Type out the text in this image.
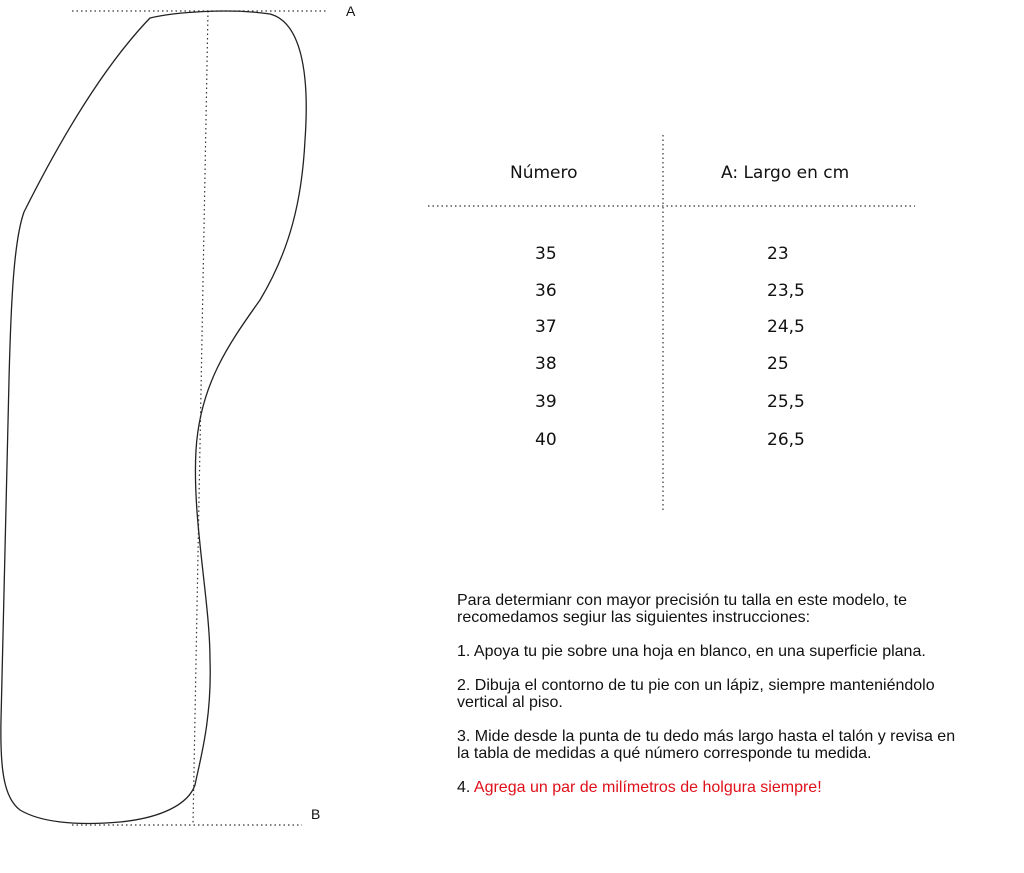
A
B
Número	A: Largo en cm
35	23
36	23,5
37	24,5
38	25
39	25,5
40	26,5

Para determianr con mayor precisión tu talla en este modelo, te recomedamos segiur las siguientes instrucciones:

1. Apoya tu pie sobre una hoja en blanco, en una superficie plana.

2. Dibuja el contorno de tu pie con un lápiz, siempre manteniéndolo vertical al piso.

3. Mide desde la punta de tu dedo más largo hasta el talón y revisa en la tabla de medidas a qué número corresponde tu medida.

4. Agrega un par de milímetros de holgura siempre!
